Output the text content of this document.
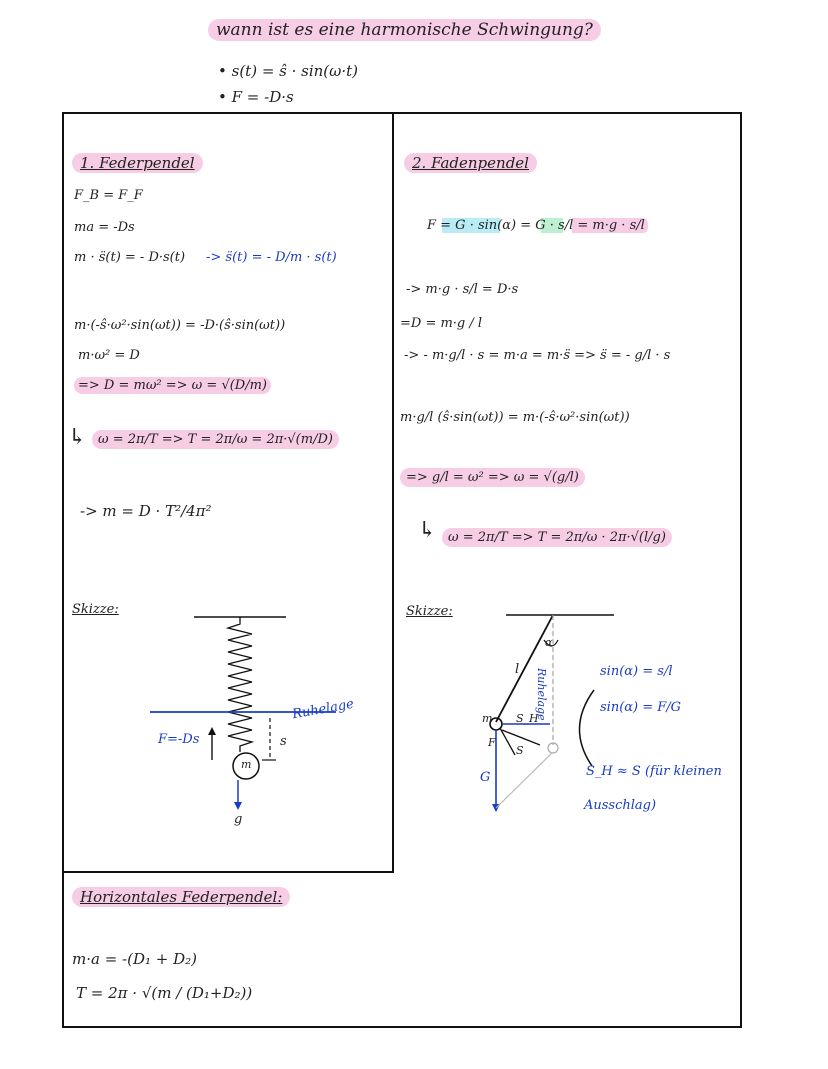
wann ist es eine harmonische Schwingung?
• s(t) = ŝ · sin(ω·t)
• F = -D·s
1. Federpendel
F_B = F_F
ma = -Ds
m · s̈(t) = - D·s(t) -> s̈(t) = - D/m · s(t)
m·(-ŝ·ω²·sin(ωt)) = -D·(ŝ·sin(ωt))
m·ω² = D
=> D = mω² => ω = √(D/m)
↳ ω = 2π/T => T = 2π/ω = 2π·√(m/D)
-> m = D · T²/4π²
Skizze:
Ruhelage
F=-Ds	s
m
g
Horizontales Federpendel:
m·a = -(D₁ + D₂)
T = 2π · √(m / (D₁+D₂))
2. Fadenpendel
F = G · sin(α) = G · s/l = m·g · s/l
-> m·g · s/l = D·s
=D = m·g / l
-> - m·g/l · s = m·a = m·s̈ => s̈ = - g/l · s
m·g/l (ŝ·sin(ωt)) = m·(-ŝ·ω²·sin(ωt))
=> g/l = ω² => ω = √(g/l)
↳ ω = 2π/T => T = 2π/ω · 2π·√(l/g)
Skizze:
l
α
Ruhelage
m S_H
F
S
G
sin(α) = s/l
sin(α) = F/G
S_H ≈ S (für kleinen
Ausschlag)
